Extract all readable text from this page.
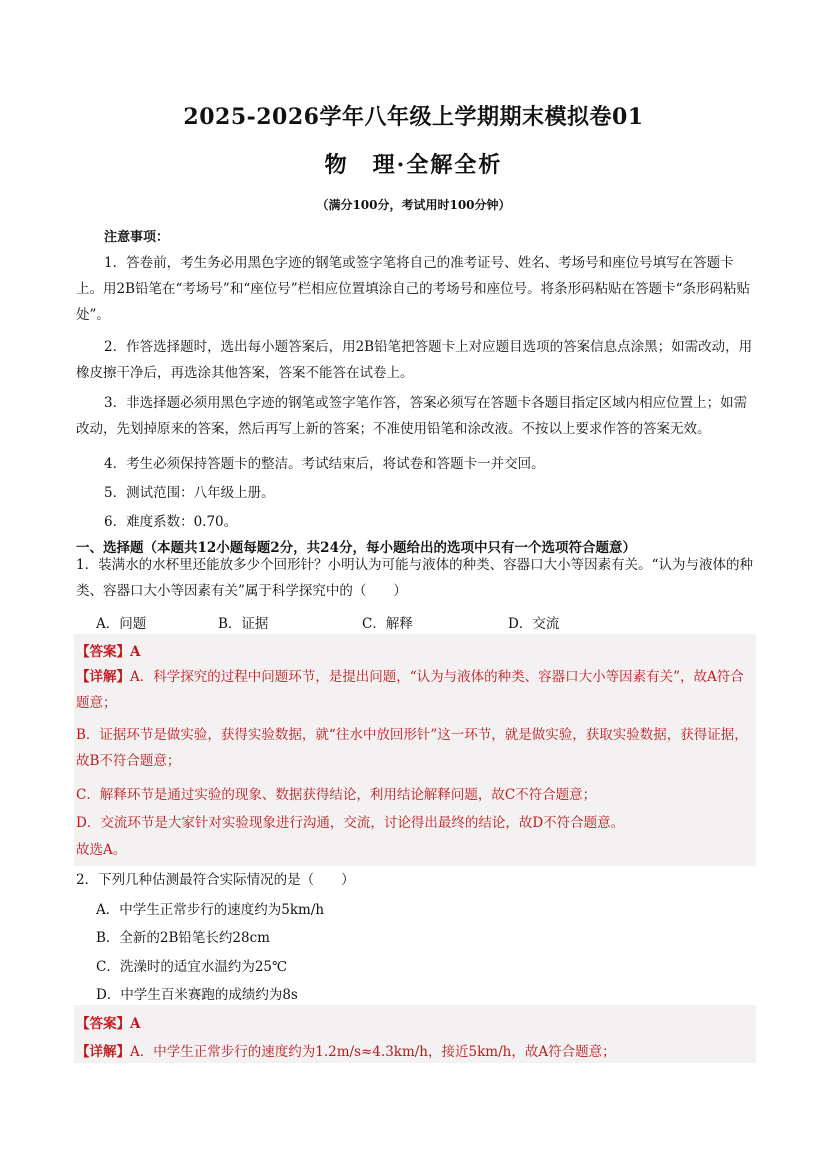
2025-2026学年八年级上学期期末模拟卷01
物　理·全解全析
（满分100分，考试用时100分钟）
注意事项：

1．答卷前，考生务必用黑色字迹的钢笔或签字笔将自己的准考证号、姓名、考场号和座位号填写在答题卡上。用2B铅笔在“考场号”和“座位号”栏相应位置填涂自己的考场号和座位号。将条形码粘贴在答题卡“条形码粘贴处”。

2．作答选择题时，选出每小题答案后，用2B铅笔把答题卡上对应题目选项的答案信息点涂黑；如需改动，用橡皮擦干净后，再选涂其他答案，答案不能答在试卷上。

3．非选择题必须用黑色字迹的钢笔或签字笔作答，答案必须写在答题卡各题目指定区域内相应位置上；如需改动，先划掉原来的答案，然后再写上新的答案；不准使用铅笔和涂改液。不按以上要求作答的答案无效。

4．考生必须保持答题卡的整洁。考试结束后，将试卷和答题卡一并交回。
5．测试范围：八年级上册。
6．难度系数：0.70。
一、选择题（本题共12小题每题2分，共24分，每小题给出的选项中只有一个选项符合题意）

1．装满水的水杯里还能放多少个回形针？小明认为可能与液体的种类、容器口大小等因素有关。“认为与液体的种类、容器口大小等因素有关”属于科学探究中的（　　）

A．问题	B．证据	C．解释	D．交流
【答案】A

【详解】A．科学探究的过程中问题环节，是提出问题，“认为与液体的种类、容器口大小等因素有关”，故A符合题意；

B．证据环节是做实验，获得实验数据，就“往水中放回形针”这一环节，就是做实验，获取实验数据，获得证据，故B不符合题意；

C．解释环节是通过实验的现象、数据获得结论，利用结论解释问题，故C不符合题意；
D．交流环节是大家针对实验现象进行沟通，交流，讨论得出最终的结论，故D不符合题意。
故选A。
2．下列几种估测最符合实际情况的是（　　）
A．中学生正常步行的速度约为5km/h
B．全新的2B铅笔长约28cm
C．洗澡时的适宜水温约为25℃
D．中学生百米赛跑的成绩约为8s
【答案】A
【详解】A．中学生正常步行的速度约为1.2m/s≈4.3km/h，接近5km/h，故A符合题意；
